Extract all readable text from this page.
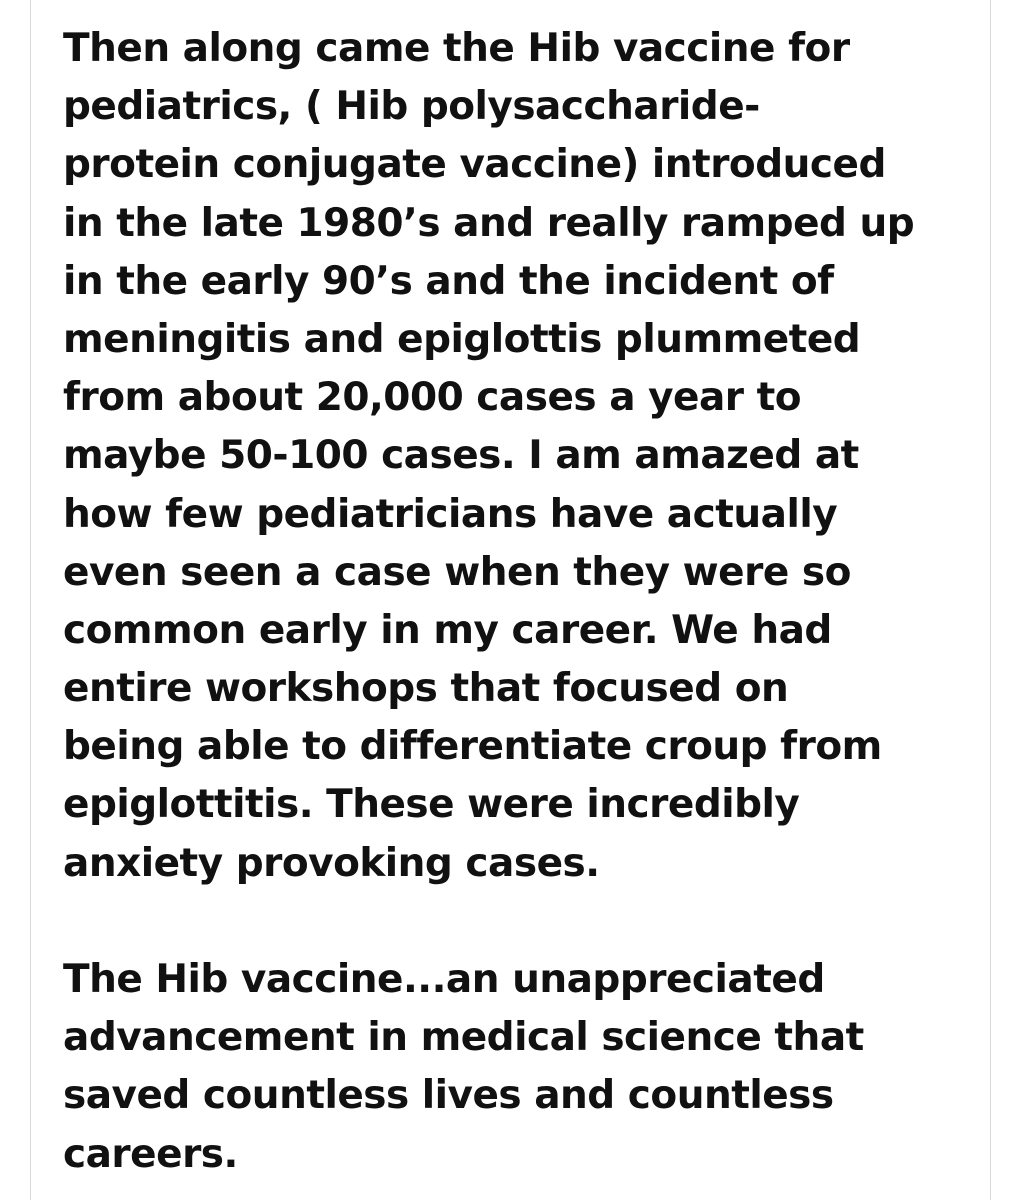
Then along came the Hib vaccine for
pediatrics, ( Hib polysaccharide-
protein conjugate vaccine) introduced
in the late 1980’s and really ramped up
in the early 90’s and the incident of
meningitis and epiglottis plummeted
from about 20,000 cases a year to
maybe 50-100 cases. I am amazed at
how few pediatricians have actually
even seen a case when they were so
common early in my career. We had
entire workshops that focused on
being able to differentiate croup from
epiglottitis. These were incredibly
anxiety provoking cases.
The Hib vaccine...an unappreciated
advancement in medical science that
saved countless lives and countless
careers.
